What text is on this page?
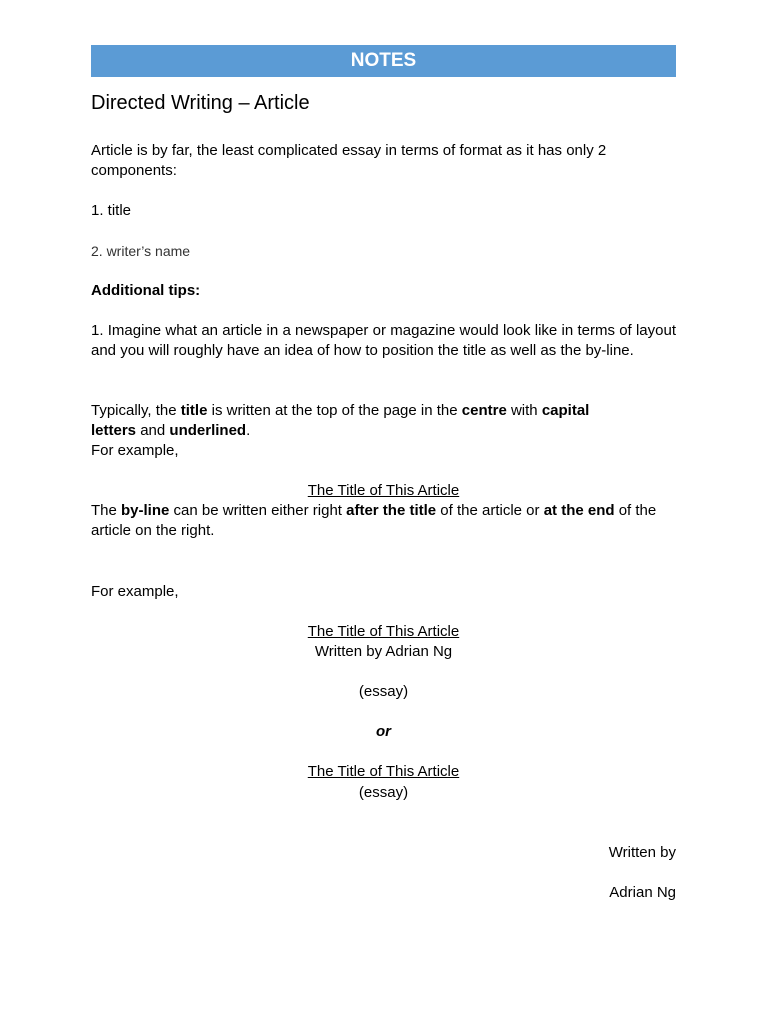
NOTES
Directed Writing – Article
Article is by far, the least complicated essay in terms of format as it has only 2 components:
1. title
2. writer’s name
Additional tips:
1. Imagine what an article in a newspaper or magazine would look like in terms of layout and you will roughly have an idea of how to position the title as well as the by-line.
Typically, the title is written at the top of the page in the centre with capital letters and underlined.
For example,
The Title of This Article
The by-line can be written either right after the title of the article or at the end of the article on the right.
For example,
The Title of This Article
Written by Adrian Ng
(essay)
or
The Title of This Article
(essay)
Written by
Adrian Ng
